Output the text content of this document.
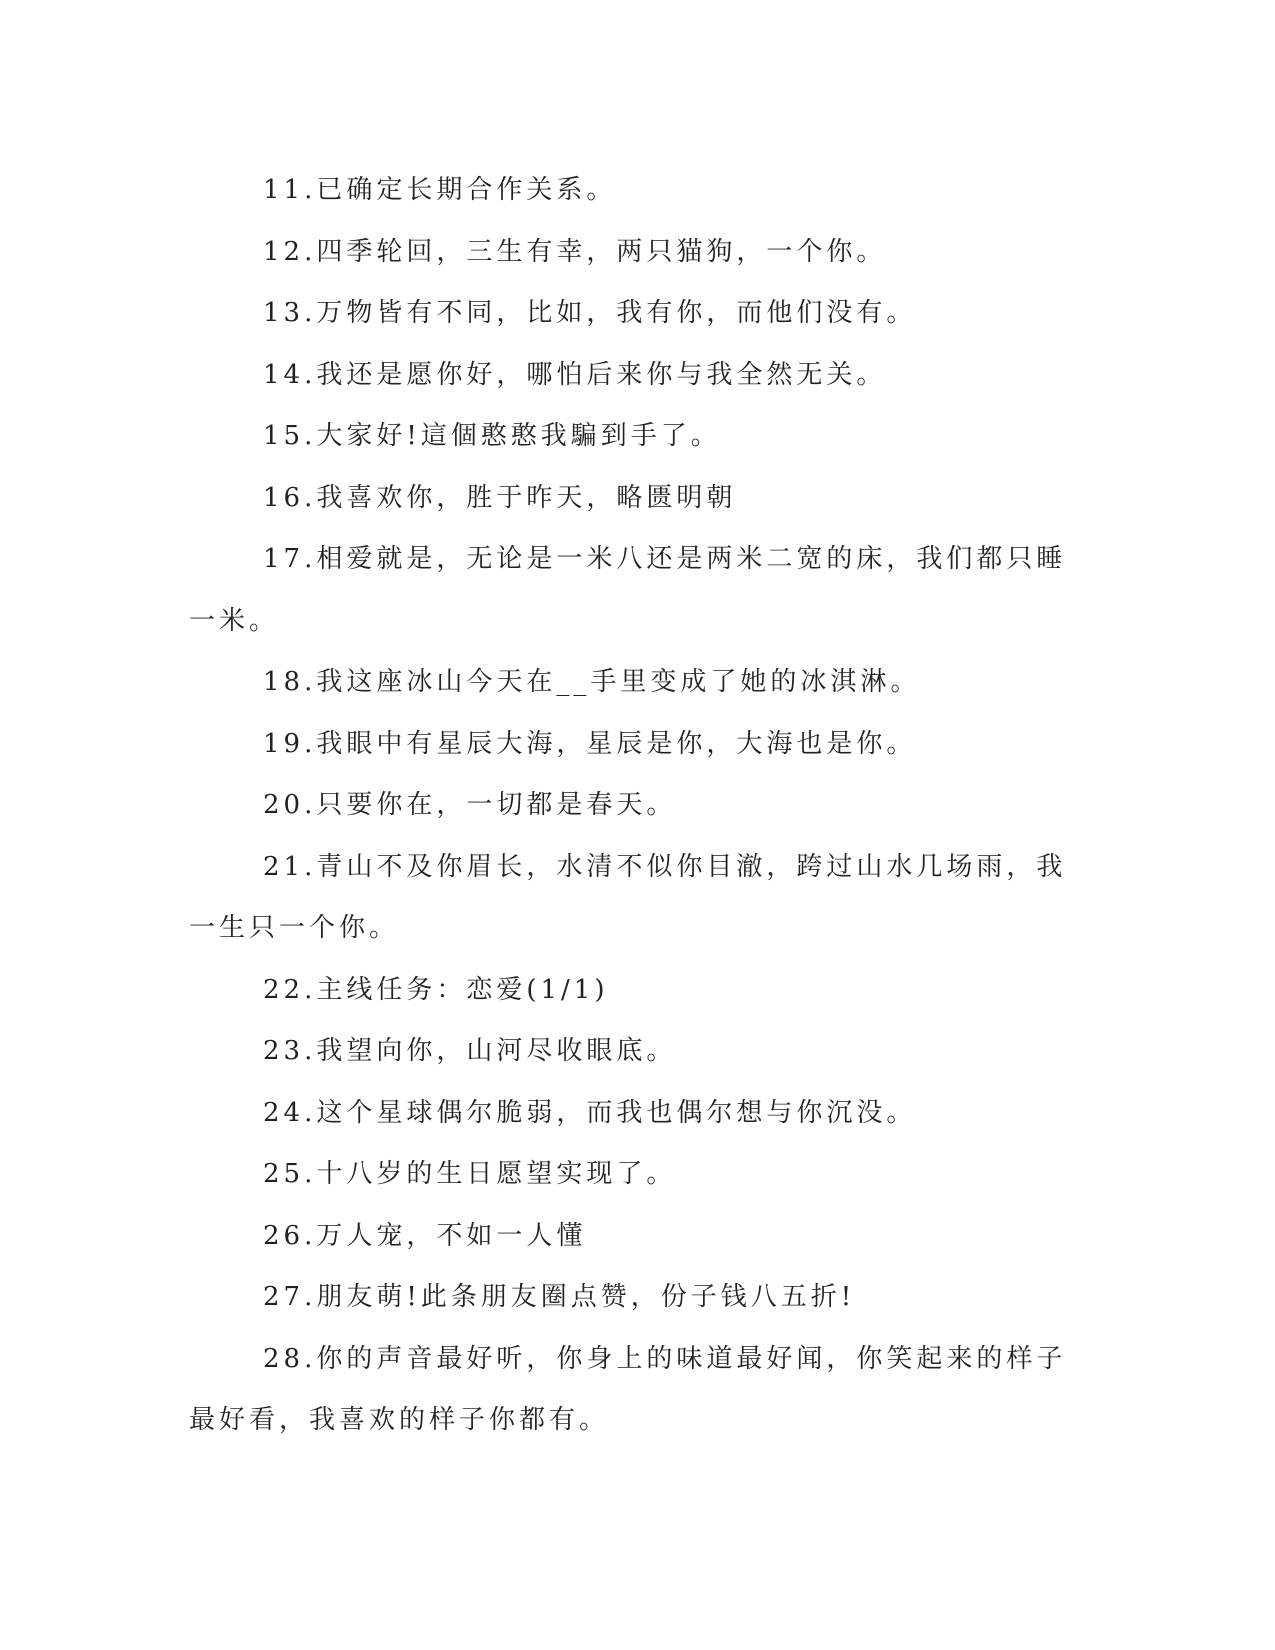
11.已确定长期合作关系。

12.四季轮回，三生有幸，两只猫狗，一个你。

13.万物皆有不同，比如，我有你，而他们没有。

14.我还是愿你好，哪怕后来你与我全然无关。

15.大家好!這個憨憨我騙到手了。

16.我喜欢你，胜于昨天，略匮明朝

17.相爱就是，无论是一米八还是两米二宽的床，我们都只睡一米。

18.我这座冰山今天在__手里变成了她的冰淇淋。

19.我眼中有星辰大海，星辰是你，大海也是你。

20.只要你在，一切都是春天。

21.青山不及你眉长，水清不似你目澈，跨过山水几场雨，我一生只一个你。

22.主线任务：恋爱(1/1)

23.我望向你，山河尽收眼底。

24.这个星球偶尔脆弱，而我也偶尔想与你沉没。

25.十八岁的生日愿望实现了。

26.万人宠，不如一人懂

27.朋友萌!此条朋友圈点赞，份子钱八五折!

28.你的声音最好听，你身上的味道最好闻，你笑起来的样子最好看，我喜欢的样子你都有。
